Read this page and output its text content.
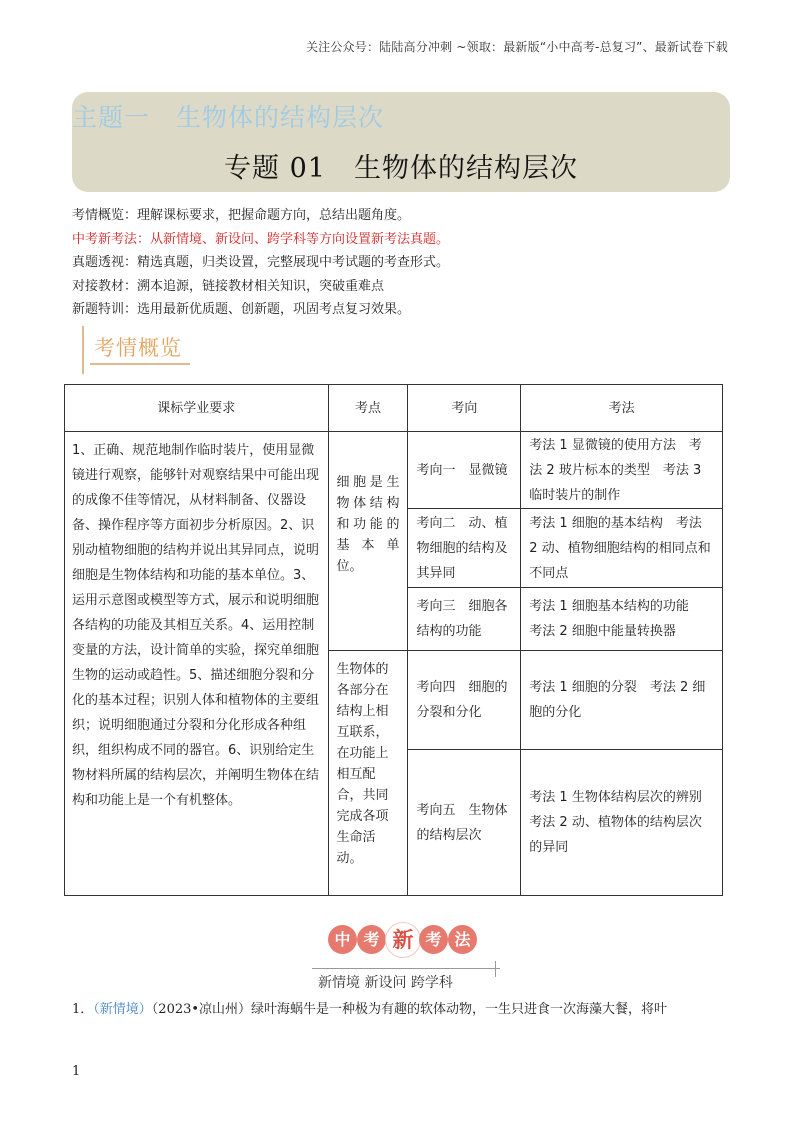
关注公众号：陆陆高分冲刺 ~领取：最新版“小中高考-总复习”、最新试卷下载
主题一　生物体的结构层次
专题 01　生物体的结构层次
考情概览：理解课标要求，把握命题方向，总结出题角度。
中考新考法：从新情境、新设问、跨学科等方向设置新考法真题。
真题透视：精选真题，归类设置，完整展现中考试题的考查形式。
对接教材：溯本追源，链接教材相关知识，突破重难点
新题特训：选用最新优质题、创新题，巩固考点复习效果。
考情概览
课标学业要求	考点	考向	考法
1、正确、规范地制作临时装片，使用显微镜进行观察，能够针对观察结果中可能出现的成像不佳等情况，从材料制备、仪器设备、操作程序等方面初步分析原因。2、识别动植物细胞的结构并说出其异同点，说明细胞是生物体结构和功能的基本单位。3、运用示意图或模型等方式，展示和说明细胞各结构的功能及其相互关系。4、运用控制变量的方法，设计简单的实验，探究单细胞生物的运动或趋性。5、描述细胞分裂和分化的基本过程；识别人体和植物体的主要组织；说明细胞通过分裂和分化形成各种组织，组织构成不同的器官。6、识别给定生物材料所属的结构层次，并阐明生物体在结构和功能上是一个有机整体。	细胞是生物体结构和功能的基本单位。	考向一　显微镜	考法 1 显微镜的使用方法　考法 2 玻片标本的类型　考法 3 临时装片的制作
		考向二　动、植物细胞的结构及其异同	考法 1 细胞的基本结构　考法 2 动、植物细胞结构的相同点和不同点
		考向三　细胞各结构的功能	考法 1 细胞基本结构的功能　考法 2 细胞中能量转换器
	生物体的各部分在结构上相互联系，在功能上相互配合，共同完成各项生命活动。	考向四　细胞的分裂和分化	考法 1 细胞的分裂　考法 2 细胞的分化
		考向五　生物体的结构层次	考法 1 生物体结构层次的辨别　考法 2 动、植物体的结构层次的异同
中 考 新 考 法
新情境 新设问 跨学科
1．（新情境）（2023•凉山州）绿叶海蜗牛是一种极为有趣的软体动物，一生只进食一次海藻大餐，将叶
1
